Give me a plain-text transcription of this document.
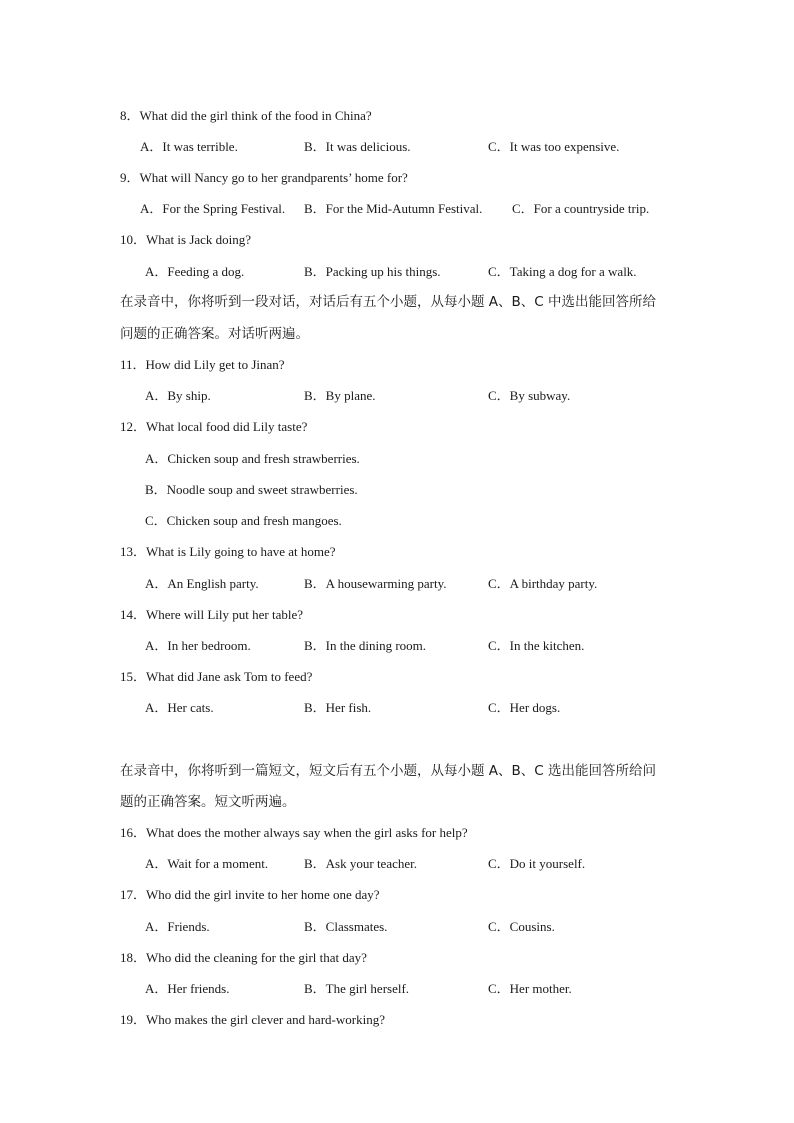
8．What did the girl think of the food in China?
A．It was terrible.	B．It was delicious.	C．It was too expensive.
9．What will Nancy go to her grandparents’ home for?
A．For the Spring Festival. B．For the Mid-Autumn Festival. C．For a countryside trip.
10．What is Jack doing?
A．Feeding a dog.	B．Packing up his things.	C．Taking a dog for a walk.
在录音中，你将听到一段对话，对话后有五个小题，从每小题 A、B、C 中选出能回答所给
问题的正确答案。对话听两遍。
11．How did Lily get to Jinan?
A．By ship.	B．By plane.	C．By subway.
12．What local food did Lily taste?
A．Chicken soup and fresh strawberries.
B．Noodle soup and sweet strawberries.
C．Chicken soup and fresh mangoes.
13．What is Lily going to have at home?
A．An English party.	B．A housewarming party.	C．A birthday party.
14．Where will Lily put her table?
A．In her bedroom.	B．In the dining room.	C．In the kitchen.
15．What did Jane ask Tom to feed?
A．Her cats.	B．Her fish.	C．Her dogs.
在录音中，你将听到一篇短文，短文后有五个小题，从每小题 A、B、C 选出能回答所给问
题的正确答案。短文听两遍。
16．What does the mother always say when the girl asks for help?
A．Wait for a moment.	B．Ask your teacher.	C．Do it yourself.
17．Who did the girl invite to her home one day?
A．Friends.	B．Classmates.	C．Cousins.
18．Who did the cleaning for the girl that day?
A．Her friends.	B．The girl herself.	C．Her mother.
19．Who makes the girl clever and hard-working?
